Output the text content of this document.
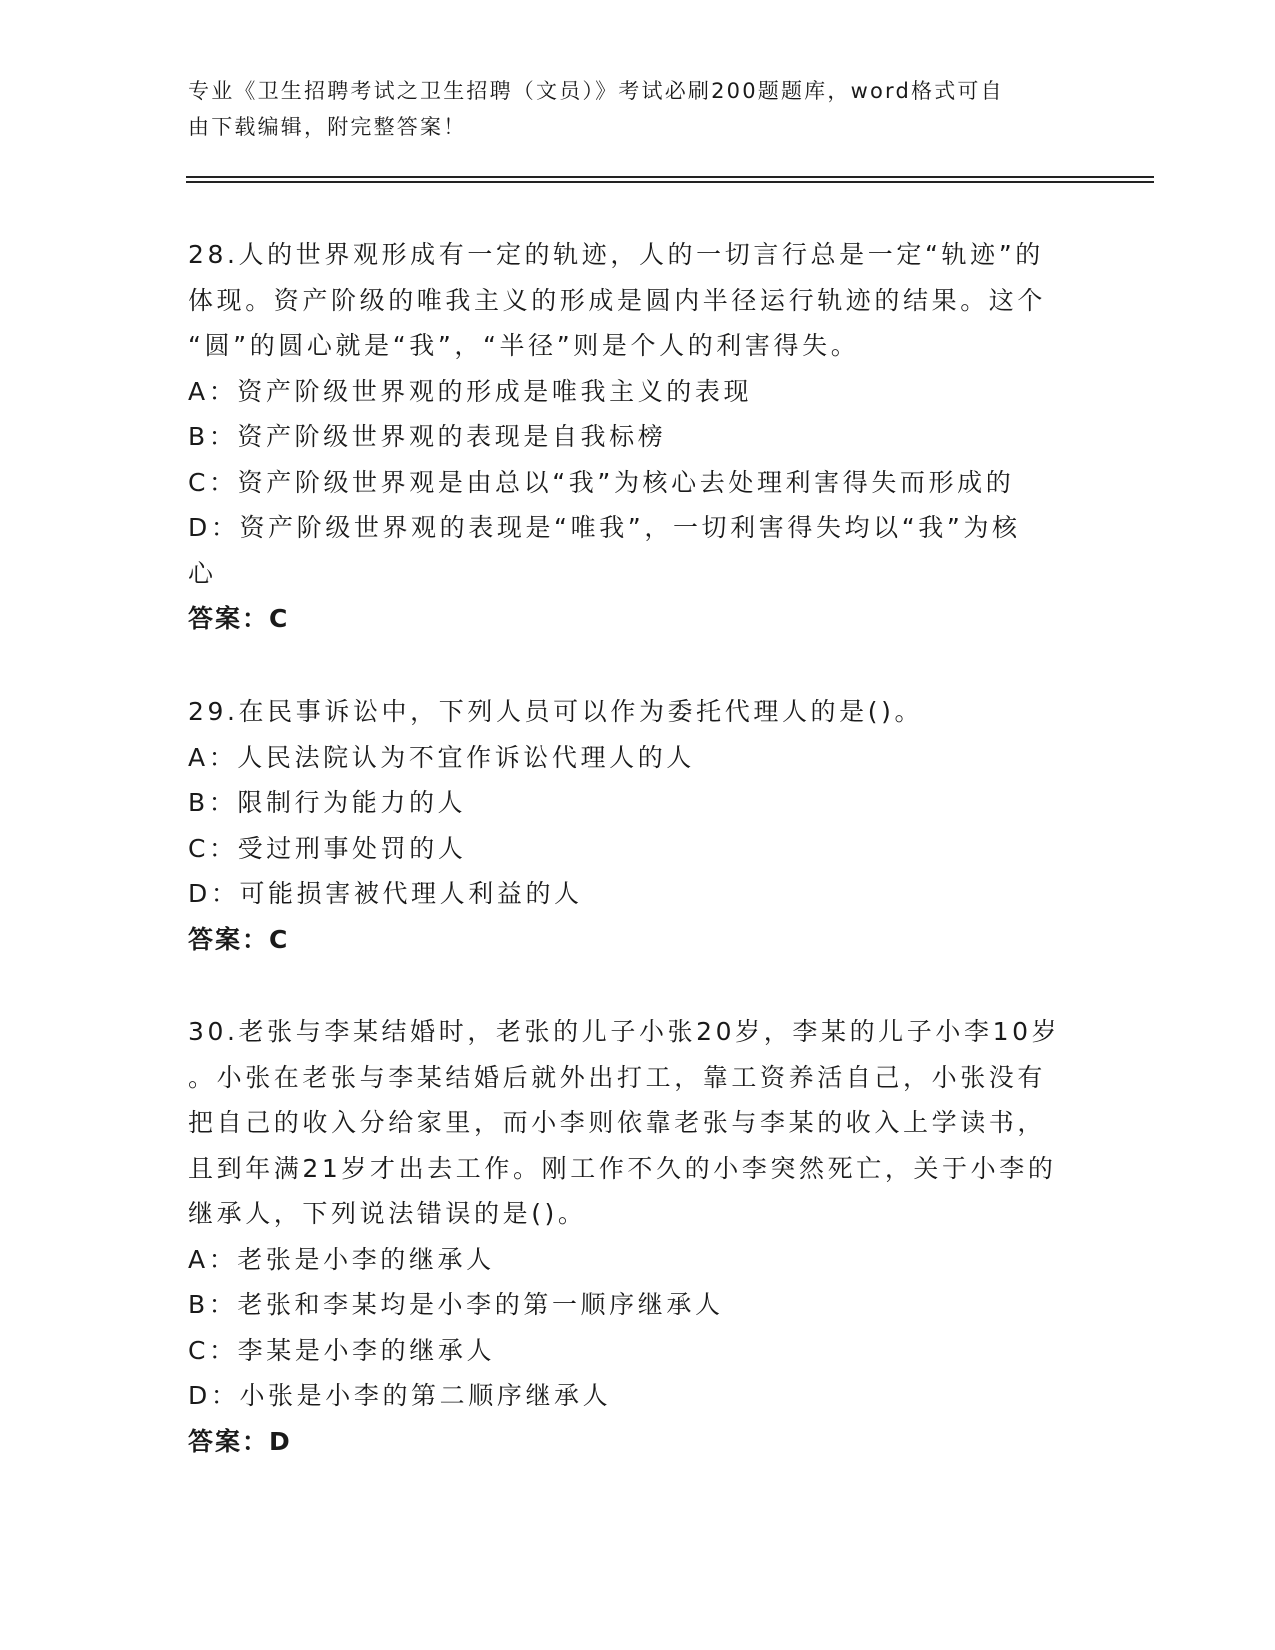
专业《卫生招聘考试之卫生招聘（文员）》考试必刷200题题库，word格式可自
由下载编辑，附完整答案！
28.人的世界观形成有一定的轨迹，人的一切言行总是一定“轨迹”的
体现。资产阶级的唯我主义的形成是圆内半径运行轨迹的结果。这个
“圆”的圆心就是“我”，“半径”则是个人的利害得失。
A：资产阶级世界观的形成是唯我主义的表现
B：资产阶级世界观的表现是自我标榜
C：资产阶级世界观是由总以“我”为核心去处理利害得失而形成的
D：资产阶级世界观的表现是“唯我”，一切利害得失均以“我”为核
心
答案：C
29.在民事诉讼中，下列人员可以作为委托代理人的是()。
A：人民法院认为不宜作诉讼代理人的人
B：限制行为能力的人
C：受过刑事处罚的人
D：可能损害被代理人利益的人
答案：C
30.老张与李某结婚时，老张的儿子小张20岁，李某的儿子小李10岁
。小张在老张与李某结婚后就外出打工，靠工资养活自己，小张没有
把自己的收入分给家里，而小李则依靠老张与李某的收入上学读书，
且到年满21岁才出去工作。刚工作不久的小李突然死亡，关于小李的
继承人，下列说法错误的是()。
A：老张是小李的继承人
B：老张和李某均是小李的第一顺序继承人
C：李某是小李的继承人
D：小张是小李的第二顺序继承人
答案：D
